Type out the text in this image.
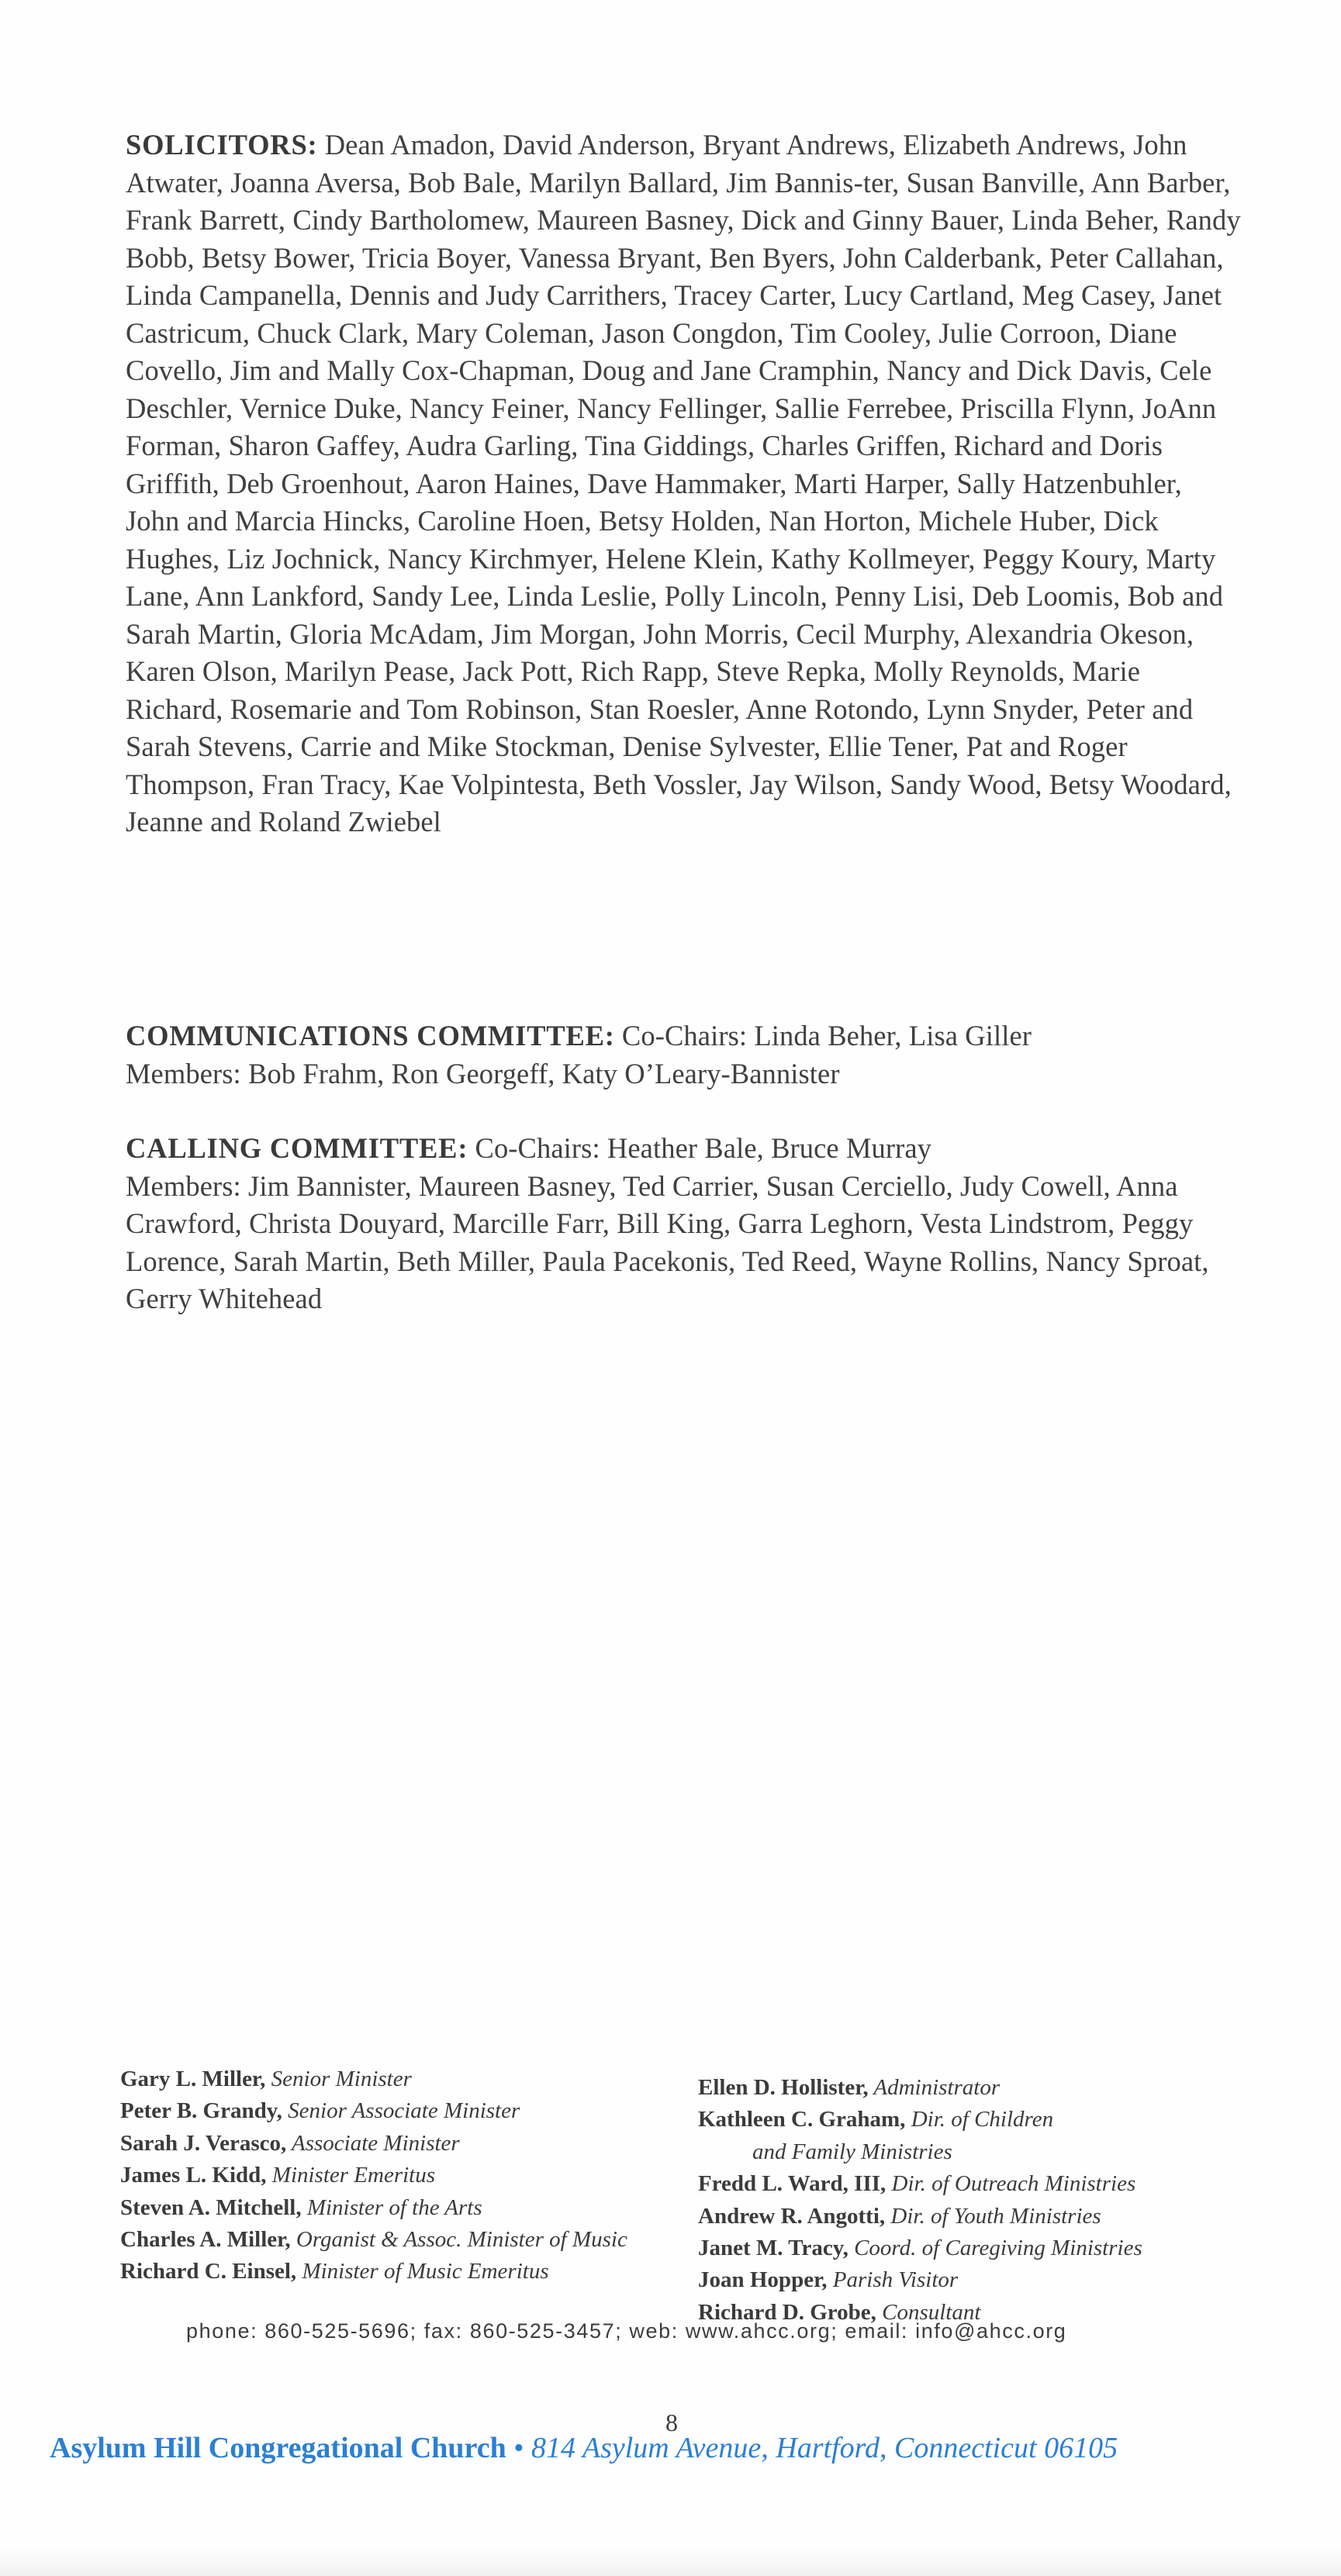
SOLICITORS: Dean Amadon, David Anderson, Bryant Andrews, Elizabeth Andrews, John Atwater, Joanna Aversa, Bob Bale, Marilyn Ballard, Jim Bannis-ter, Susan Banville, Ann Barber, Frank Barrett, Cindy Bartholomew, Maureen Basney, Dick and Ginny Bauer, Linda Beher, Randy Bobb, Betsy Bower, Tricia Boyer, Vanessa Bryant, Ben Byers, John Calderbank, Peter Callahan, Linda Campanella, Dennis and Judy Carrithers, Tracey Carter, Lucy Cartland, Meg Casey, Janet Castricum, Chuck Clark, Mary Coleman, Jason Congdon, Tim Cooley, Julie Corroon, Diane Covello, Jim and Mally Cox-Chapman, Doug and Jane Cramphin, Nancy and Dick Davis, Cele Deschler, Vernice Duke, Nancy Feiner, Nancy Fellinger, Sallie Ferrebee, Priscilla Flynn, JoAnn Forman, Sharon Gaffey, Audra Garling, Tina Giddings, Charles Griffen, Richard and Doris Griffith, Deb Groenhout, Aaron Haines, Dave Hammaker, Marti Harper, Sally Hatzenbuhler, John and Marcia Hincks, Caroline Hoen, Betsy Holden, Nan Horton, Michele Huber, Dick Hughes, Liz Jochnick, Nancy Kirchmyer, Helene Klein, Kathy Kollmeyer, Peggy Koury, Marty Lane, Ann Lankford, Sandy Lee, Linda Leslie, Polly Lincoln, Penny Lisi, Deb Loomis, Bob and Sarah Martin, Gloria McAdam, Jim Morgan, John Morris, Cecil Murphy, Alexandria Okeson, Karen Olson, Marilyn Pease, Jack Pott, Rich Rapp, Steve Repka, Molly Reynolds, Marie Richard, Rosemarie and Tom Robinson, Stan Roesler, Anne Rotondo, Lynn Snyder, Peter and Sarah Stevens, Carrie and Mike Stockman, Denise Sylvester, Ellie Tener, Pat and Roger Thompson, Fran Tracy, Kae Volpintesta, Beth Vossler, Jay Wilson, Sandy Wood, Betsy Woodard, Jeanne and Roland Zwiebel
COMMUNICATIONS COMMITTEE: Co-Chairs: Linda Beher, Lisa Giller
Members: Bob Frahm, Ron Georgeff, Katy O’Leary-Bannister
CALLING COMMITTEE: Co-Chairs: Heather Bale, Bruce Murray
Members: Jim Bannister, Maureen Basney, Ted Carrier, Susan Cerciello, Judy Cowell, Anna Crawford, Christa Douyard, Marcille Farr, Bill King, Garra Leghorn, Vesta Lindstrom, Peggy Lorence, Sarah Martin, Beth Miller, Paula Pacekonis, Ted Reed, Wayne Rollins, Nancy Sproat, Gerry Whitehead
Gary L. Miller, Senior Minister
Peter B. Grandy, Senior Associate Minister
Sarah J. Verasco, Associate Minister
James L. Kidd, Minister Emeritus
Steven A. Mitchell, Minister of the Arts
Charles A. Miller, Organist & Assoc. Minister of Music
Richard C. Einsel, Minister of Music Emeritus
Ellen D. Hollister, Administrator
Kathleen C. Graham, Dir. of Children
and Family Ministries
Fredd L. Ward, III, Dir. of Outreach Ministries
Andrew R. Angotti, Dir. of Youth Ministries
Janet M. Tracy, Coord. of Caregiving Ministries
Joan Hopper, Parish Visitor
Richard D. Grobe, Consultant
phone: 860-525-5696; fax: 860-525-3457; web: www.ahcc.org; email: info@ahcc.org
8
Asylum Hill Congregational Church • 814 Asylum Avenue, Hartford, Connecticut 06105
